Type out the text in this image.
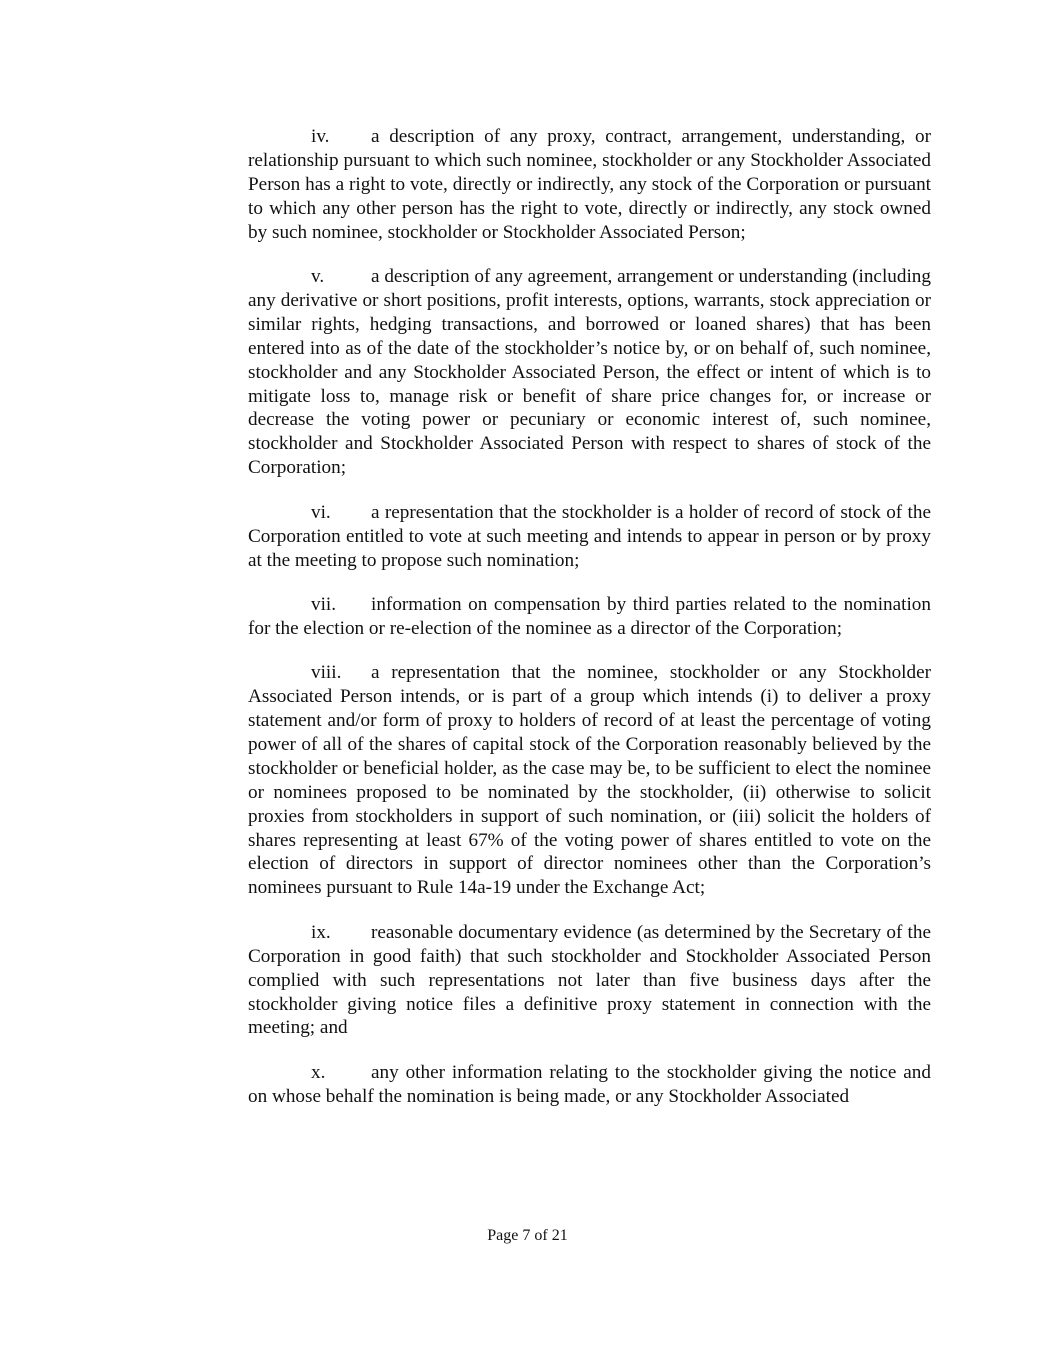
iv. a description of any proxy, contract, arrangement, understanding, or relationship pursuant to which such nominee, stockholder or any Stockholder Associated Person has a right to vote, directly or indirectly, any stock of the Corporation or pursuant to which any other person has the right to vote, directly or indirectly, any stock owned by such nominee, stockholder or Stockholder Associated Person;

v. a description of any agreement, arrangement or understanding (including any derivative or short positions, profit interests, options, warrants, stock appreciation or similar rights, hedging transactions, and borrowed or loaned shares) that has been entered into as of the date of the stockholder’s notice by, or on behalf of, such nominee, stockholder and any Stockholder Associated Person, the effect or intent of which is to mitigate loss to, manage risk or benefit of share price changes for, or increase or decrease the voting power or pecuniary or economic interest of, such nominee, stockholder and Stockholder Associated Person with respect to shares of stock of the Corporation;

vi. a representation that the stockholder is a holder of record of stock of the Corporation entitled to vote at such meeting and intends to appear in person or by proxy at the meeting to propose such nomination;

vii. information on compensation by third parties related to the nomination for the election or re-election of the nominee as a director of the Corporation;

viii. a representation that the nominee, stockholder or any Stockholder Associated Person intends, or is part of a group which intends (i) to deliver a proxy statement and/or form of proxy to holders of record of at least the percentage of voting power of all of the shares of capital stock of the Corporation reasonably believed by the stockholder or beneficial holder, as the case may be, to be sufficient to elect the nominee or nominees proposed to be nominated by the stockholder, (ii) otherwise to solicit proxies from stockholders in support of such nomination, or (iii) solicit the holders of shares representing at least 67% of the voting power of shares entitled to vote on the election of directors in support of director nominees other than the Corporation’s nominees pursuant to Rule 14a-19 under the Exchange Act;

ix. reasonable documentary evidence (as determined by the Secretary of the Corporation in good faith) that such stockholder and Stockholder Associated Person complied with such representations not later than five business days after the stockholder giving notice files a definitive proxy statement in connection with the meeting; and

x. any other information relating to the stockholder giving the notice and on whose behalf the nomination is being made, or any Stockholder Associated

Page 7 of 21
